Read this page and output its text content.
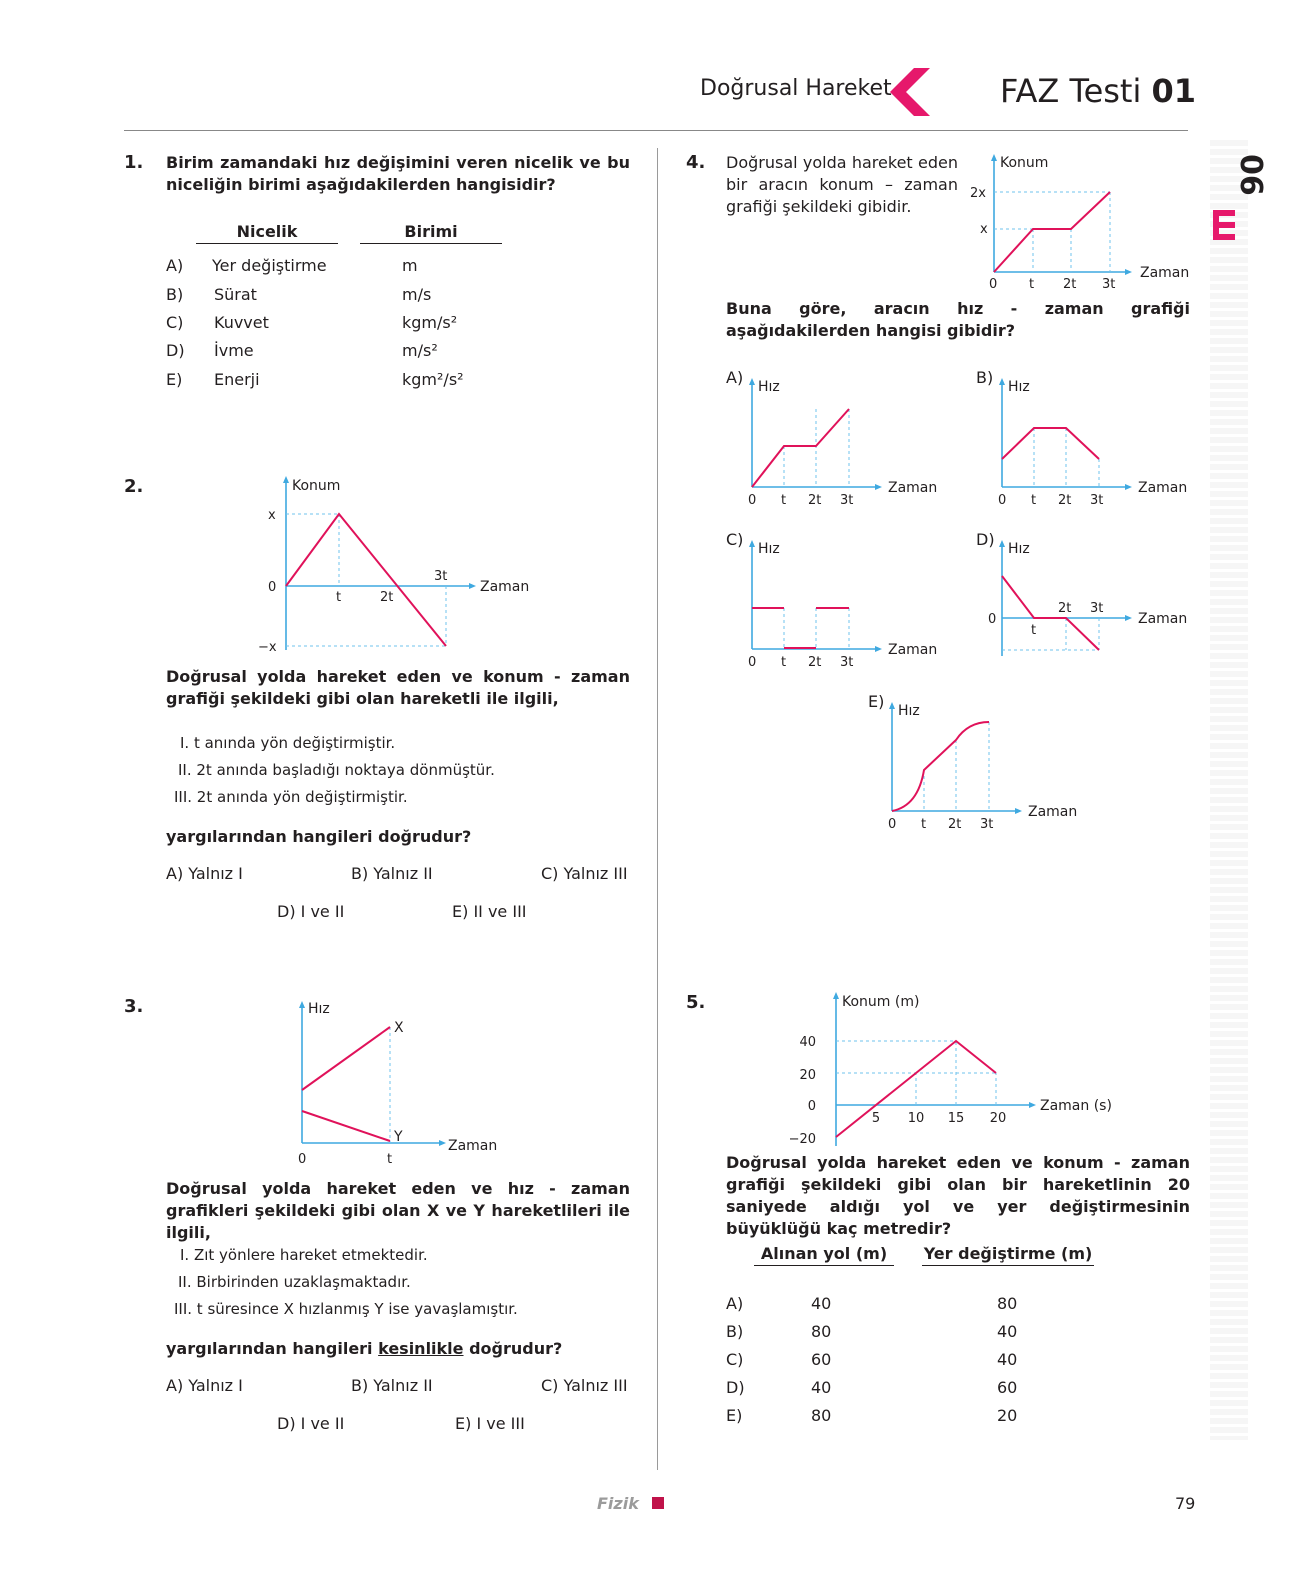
Doğrusal Hareket	FAZ Testi 01
06
1. Birim zamandaki hız değişimini veren nicelik ve bu niceliğin birimi aşağıdakilerden hangisidir?
Nicelik	Birimi
A) Yer değiştirme	m
B) Sürat	m/s
C) Kuvvet	kgm/s²
D) İvme	m/s²
E) Enerji	kgm²/s²
2.	Konum
Zaman
x
0
−x
t	2t
3t
Doğrusal yolda hareket eden ve konum - zaman grafiği şekildeki gibi olan hareketli ile ilgili,
I. t anında yön değiştirmiştir.
II. 2t anında başladığı noktaya dönmüştür.
III. 2t anında yön değiştirmiştir.
yargılarından hangileri doğrudur?
A) Yalnız I	B) Yalnız II	C) Yalnız III
D) I ve II	E) II ve III
3.	Hız
Zaman
0	t
X
Y
Doğrusal yolda hareket eden ve hız - zaman grafikleri şekildeki gibi olan X ve Y hareketlileri ile ilgili,
I. Zıt yönlere hareket etmektedir.
II. Birbirinden uzaklaşmaktadır.
III. t süresince X hızlanmış Y ise yavaşlamıştır.
yargılarından hangileri kesinlikle doğrudur?
A) Yalnız I	B) Yalnız II	C) Yalnız III
D) I ve II	E) I ve III
4. Doğrusal yolda hareket eden bir aracın konum – zaman grafiği şekildeki gibidir.
Konum
Zaman
2x
x
0 t 2t 3t
Buna göre, aracın hız - zaman grafiği aşağıdakilerden hangisi gibidir?
A) Hız
Zaman
0 t 2t 3t
B) Hız
Zaman
0 t 2t 3t
C) Hız
Zaman
0 t 2t 3t
D) Hız
Zaman
0
t
2t 3t
E) Hız
Zaman
0 t 2t 3t
5.	Konum (m)
Zaman (s)
40
20
0
−20
5 10 15 20
Doğrusal yolda hareket eden ve konum - zaman grafiği şekildeki gibi olan bir hareketlinin 20 saniyede aldığı yol ve yer değiştirmesinin büyüklüğü kaç metredir?
Alınan yol (m)	Yer değiştirme (m)
A)	40	80
B)	80	40
C)	60	40
D)	40	60
E)	80	20
Fizik	79
